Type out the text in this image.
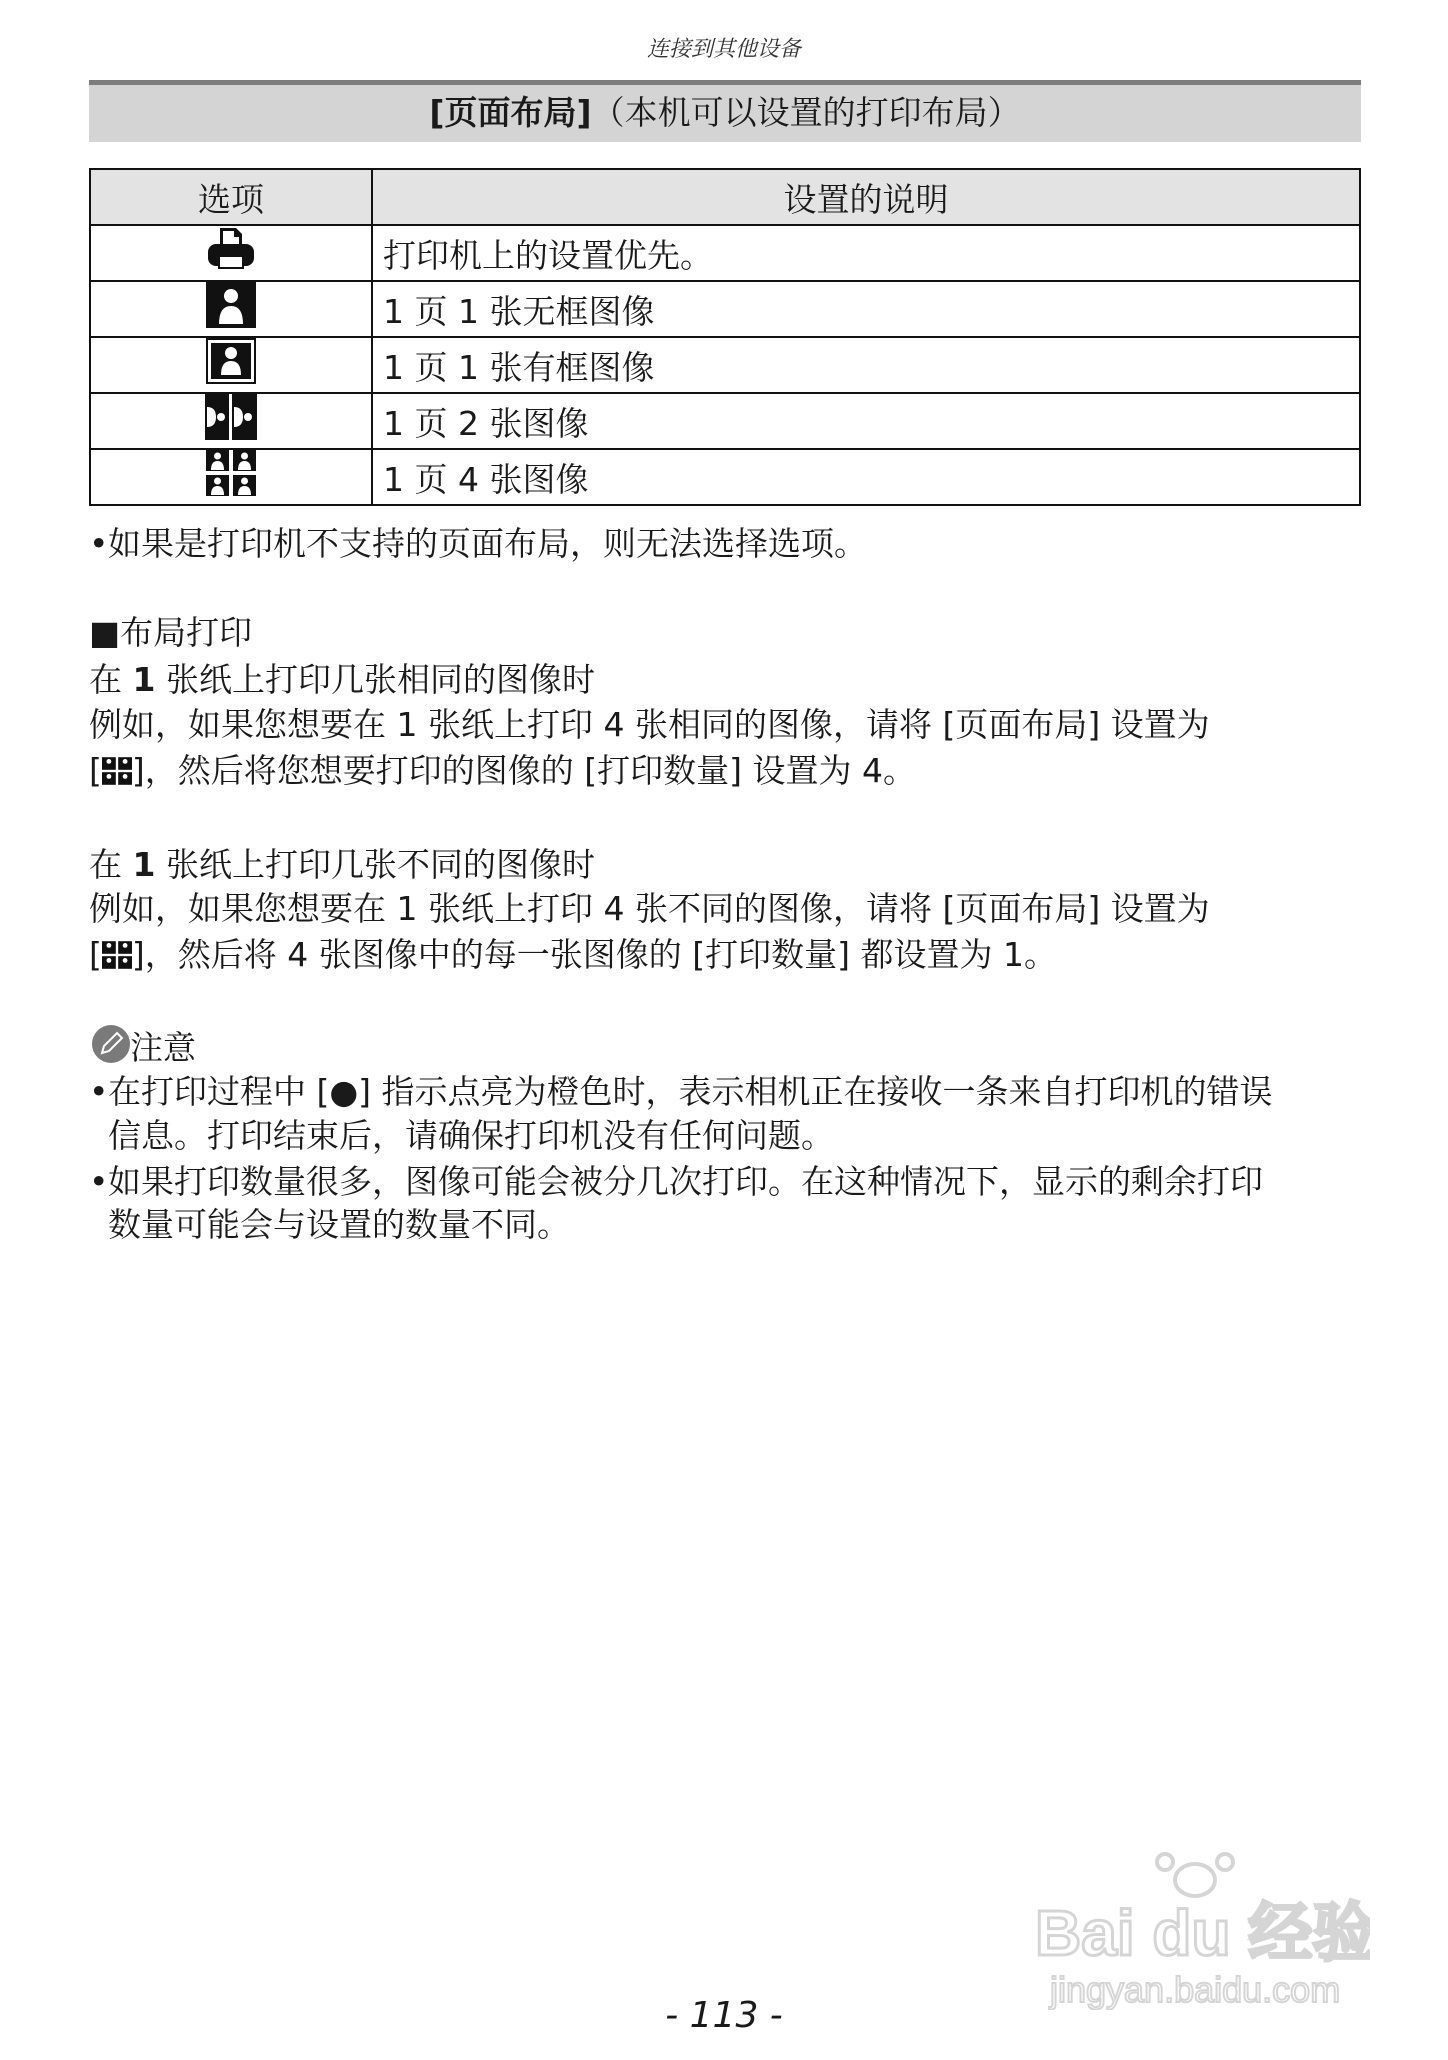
连接到其他设备
[页面布局]（本机可以设置的打印布局）
选项	设置的说明
	打印机上的设置优先。
	1 页 1 张无框图像
	1 页 1 张有框图像
	1 页 2 张图像
	1 页 4 张图像
•如果是打印机不支持的页面布局，则无法选择选项。
■布局打印
在 1 张纸上打印几张相同的图像时
例如，如果您想要在 1 张纸上打印 4 张相同的图像，请将 [页面布局] 设置为
[ ]，然后将您想要打印的图像的 [打印数量] 设置为 4。
在 1 张纸上打印几张不同的图像时
例如，如果您想要在 1 张纸上打印 4 张不同的图像，请将 [页面布局] 设置为
[ ]，然后将 4 张图像中的每一张图像的 [打印数量] 都设置为 1。
注意
•在打印过程中 [●] 指示点亮为橙色时，表示相机正在接收一条来自打印机的错误
信息。打印结束后，请确保打印机没有任何问题。
•如果打印数量很多，图像可能会被分几次打印。在这种情况下，显示的剩余打印
数量可能会与设置的数量不同。
Bai du 经验
jingyan.baidu.com
- 113 -
